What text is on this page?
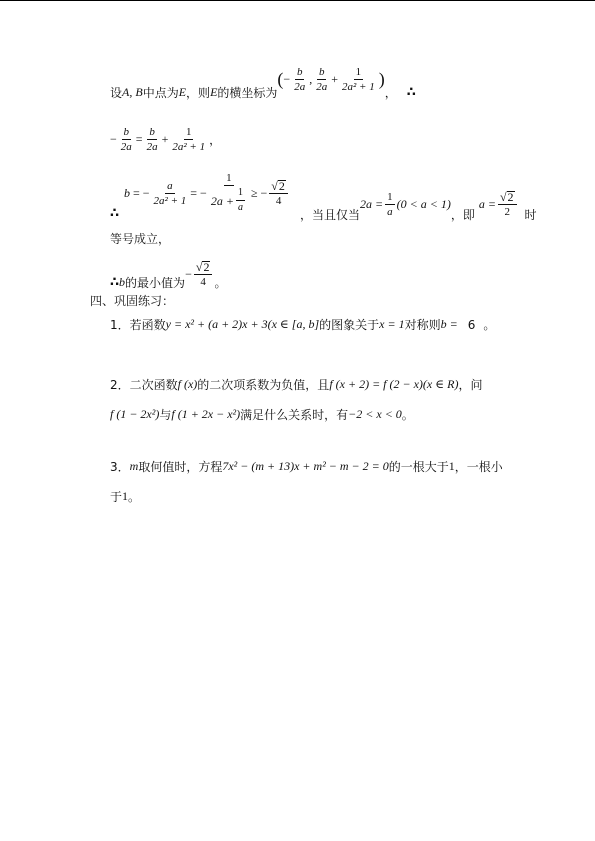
设 A, B 中点为 E ，则 E 的横坐标为
( − $\frac{b}{2a}$ , $\frac{b}{2a} + \frac{1}{\text{2a² + 1}}$ )
， ∴
− $\frac{b}{2a} = \frac{b}{2a} + \frac{1}{\text{2a² + 1}}$ ，
b = − $\frac{a}{\text{2a² + 1}}$ = − $\frac{1}{2a + \frac{1}{a}}$ ≥ − $\frac{√ 2}{4}$
∴	，当且仅当
$2a = \frac{1}{a} (0 < a < 1)$
，即
$a = \frac{√ 2}{2}$ 时
等号成立，
∴ b 的最小值为
− $\frac{√ 2}{4}$ 。
四、巩固练习：
1．若函数 y = x² + (a + 2)x + 3(x ∈ [a, b] 的图象关于 x = 1 对称则 b = 6 。
2．二次函数 f (x) 的二次项系数为负值，且 f (x + 2) = f (2 − x)(x ∈ R) ，问
f (1 − 2x²) 与 f (1 + 2x − x²) 满足什么关系时，有 −2 < x < 0 。
3． m 取何值时，方程 7x² − (m + 13)x + m² − m − 2 = 0 的一根大于 1 ，一根小
于 1 。
